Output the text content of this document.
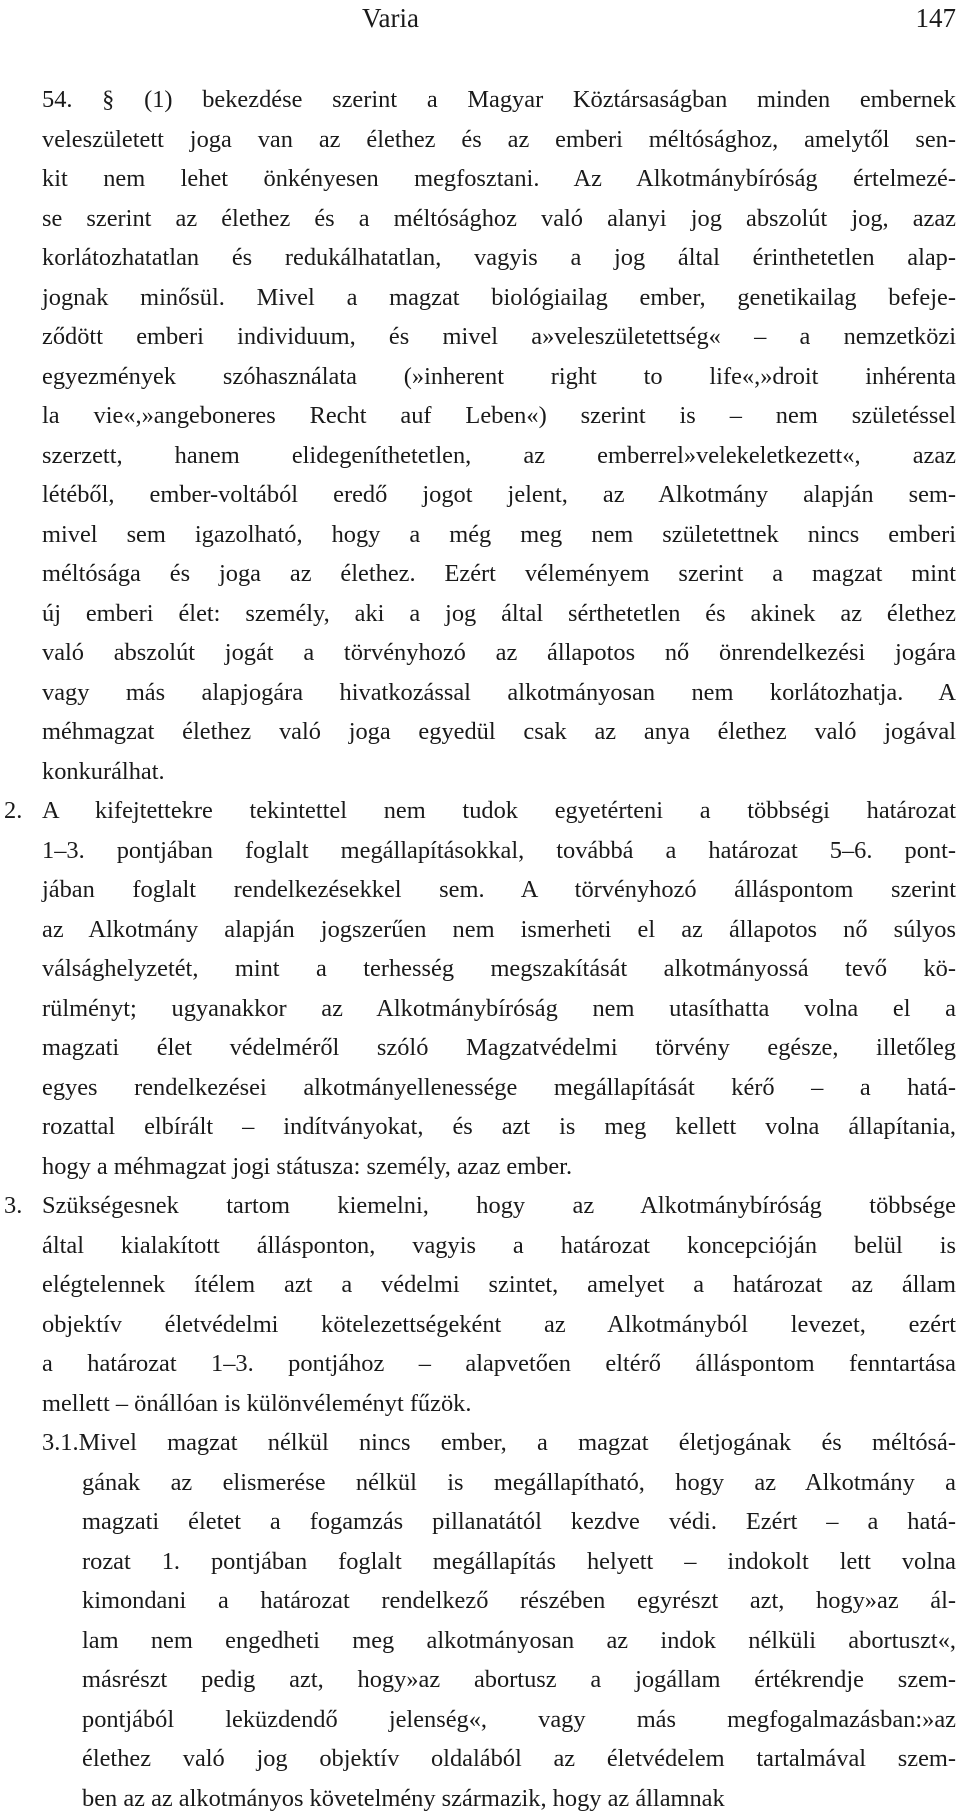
Varia	147
54. § (1) bekezdése szerint a Magyar Köztársaságban minden embernek
veleszületett joga van az élethez és az emberi méltósághoz, amelytől sen-
kit nem lehet önkényesen megfosztani. Az Alkotmánybíróság értelmezé-
se szerint az élethez és a méltósághoz való alanyi jog abszolút jog, azaz
korlátozhatatlan és redukálhatatlan, vagyis a jog által érinthetetlen alap-
jognak minősül. Mivel a magzat biológiailag ember, genetikailag befeje-
ződött emberi individuum, és mivel a»veleszületettség« – a nemzetközi
egyezmények szóhasználata (»inherent right to life«,»droit inhérenta
la vie«,»angeboneres Recht auf Leben«) szerint is – nem születéssel
szerzett, hanem elidegeníthetetlen, az emberrel»velekeletkezett«, azaz
létéből, ember-voltából eredő jogot jelent, az Alkotmány alapján sem-
mivel sem igazolható, hogy a még meg nem születettnek nincs emberi
méltósága és joga az élethez. Ezért véleményem szerint a magzat mint
új emberi élet: személy, aki a jog által sérthetetlen és akinek az élethez
való abszolút jogát a törvényhozó az állapotos nő önrendelkezési jogára
vagy más alapjogára hivatkozással alkotmányosan nem korlátozhatja. A
méhmagzat élethez való joga egyedül csak az anya élethez való jogával
konkurálhat.
A kifejtettekre tekintettel nem tudok egyetérteni a többségi határozat
2.
1–3. pontjában foglalt megállapításokkal, továbbá a határozat 5–6. pont-
jában foglalt rendelkezésekkel sem. A törvényhozó álláspontom szerint
az Alkotmány alapján jogszerűen nem ismerheti el az állapotos nő súlyos
válsághelyzetét, mint a terhesség megszakítását alkotmányossá tevő kö-
rülményt; ugyanakkor az Alkotmánybíróság nem utasíthatta volna el a
magzati élet védelméről szóló Magzatvédelmi törvény egésze, illetőleg
egyes rendelkezései alkotmányellenessége megállapítását kérő – a hatá-
rozattal elbírált – indítványokat, és azt is meg kellett volna állapítania,
hogy a méhmagzat jogi státusza: személy, azaz ember.
Szükségesnek tartom kiemelni, hogy az Alkotmánybíróság többsége
3.
által kialakított állásponton, vagyis a határozat koncepcióján belül is
elégtelennek ítélem azt a védelmi szintet, amelyet a határozat az állam
objektív életvédelmi kötelezettségeként az Alkotmányból levezet, ezért
a határozat 1–3. pontjához – alapvetően eltérő álláspontom fenntartása
mellett – önállóan is különvéleményt fűzök.
3.1.Mivel magzat nélkül nincs ember, a magzat életjogának és méltósá-
gának az elismerése nélkül is megállapítható, hogy az Alkotmány a
magzati életet a fogamzás pillanatától kezdve védi. Ezért – a hatá-
rozat 1. pontjában foglalt megállapítás helyett – indokolt lett volna
kimondani a határozat rendelkező részében egyrészt azt, hogy»az ál-
lam nem engedheti meg alkotmányosan az indok nélküli abortuszt«,
másrészt pedig azt, hogy»az abortusz a jogállam értékrendje szem-
pontjából leküzdendő jelenség«, vagy más megfogalmazásban:»az
élethez való jog objektív oldalából az életvédelem tartalmával szem-
ben az az alkotmányos követelmény származik, hogy az államnak
